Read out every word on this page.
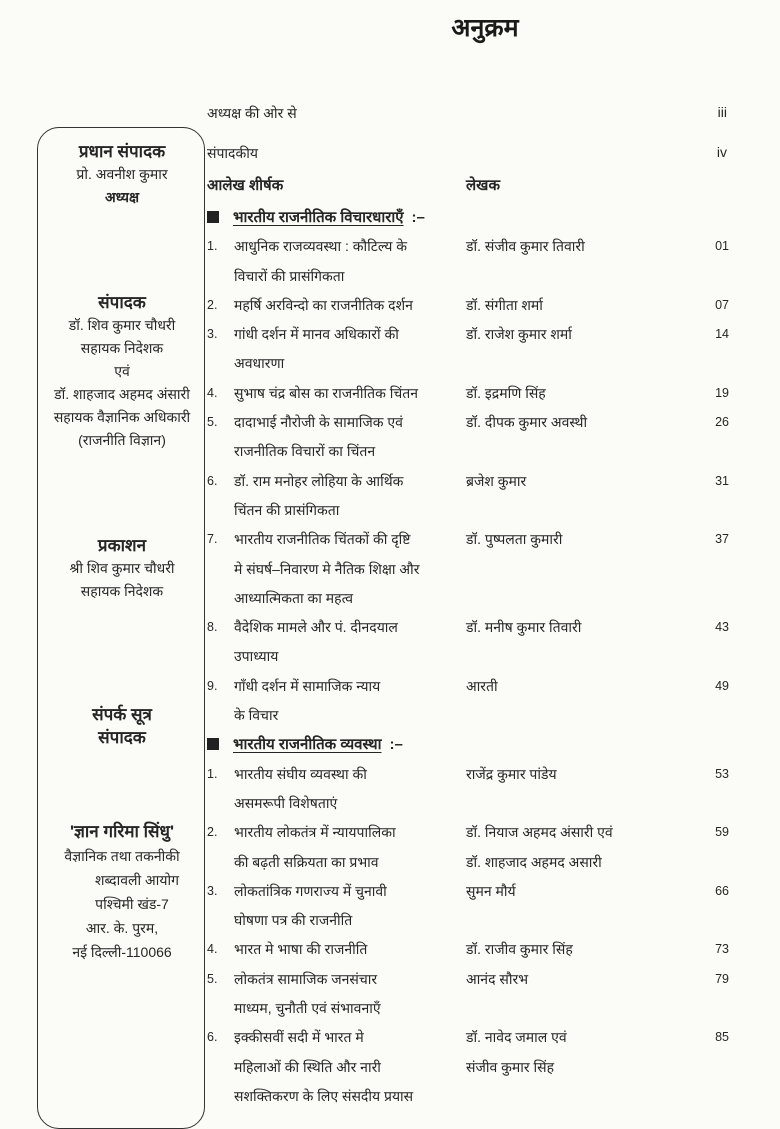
अनुक्रम
प्रधान संपादक
प्रो. अवनीश कुमार
अध्यक्ष
संपादक
डॉ. शिव कुमार चौधरी
सहायक निदेशक
एवं
डॉ. शाहजाद अहमद अंसारी
सहायक वैज्ञानिक अधिकारी
(राजनीति विज्ञान)
प्रकाशन
श्री शिव कुमार चौधरी
सहायक निदेशक
संपर्क सूत्र
संपादक
'ज्ञान गरिमा सिंधु'
वैज्ञानिक तथा तकनीकी
शब्दावली आयोग
पश्चिमी खंड-7
आर. के. पुरम,
नई दिल्ली-110066
अध्यक्ष की ओर से	iii
संपादकीय	iv
आलेख शीर्षक	लेखक
भारतीय राजनीतिक विचारधाराएँ :–
1.	आधुनिक राजव्यवस्था : कौटिल्य के
विचारों की प्रासंगिकता
डॉ. संजीव कुमार तिवारी	01
2.	महर्षि अरविन्दो का राजनीतिक दर्शन	डॉ. संगीता शर्मा	07
3.	गांधी दर्शन में मानव अधिकारों की
अवधारणा
डॉ. राजेश कुमार शर्मा	14
4.	सुभाष चंद्र बोस का राजनीतिक चिंतन	डॉ. इद्रमणि सिंह	19
5.	दादाभाई नौरोजी के सामाजिक एवं
राजनीतिक विचारों का चिंतन
डॉ. दीपक कुमार अवस्थी	26
6.	डॉ. राम मनोहर लोहिया के आर्थिक
चिंतन की प्रासंगिकता
ब्रजेश कुमार	31
7.	भारतीय राजनीतिक चिंतकों की दृष्टि
मे संघर्ष–निवारण मे नैतिक शिक्षा और
आध्यात्मिकता का महत्व
डॉ. पुष्पलता कुमारी	37
8.	वैदेशिक मामले और पं. दीनदयाल
उपाध्याय
डॉ. मनीष कुमार तिवारी	43
9.	गाँधी दर्शन में सामाजिक न्याय
के विचार
आरती	49
भारतीय राजनीतिक व्यवस्था :–
1.	भारतीय संघीय व्यवस्था की
असमरूपी विशेषताएं
राजेंद्र कुमार पांडेय	53
2.	भारतीय लोकतंत्र में न्यायपालिका
की बढ़ती सक्रियता का प्रभाव
डॉ. नियाज अहमद अंसारी एवं
डॉ. शाहजाद अहमद असारी
59
3.	लोकतांत्रिक गणराज्य में चुनावी
घोषणा पत्र की राजनीति
सुमन मौर्य	66
4.	भारत मे भाषा की राजनीति	डॉ. राजीव कुमार सिंह	73
5.	लोकतंत्र सामाजिक जनसंचार
माध्यम, चुनौती एवं संभावनाएँ
आनंद सौरभ	79
6.	इक्कीसवीं सदी में भारत मे
महिलाओं की स्थिति और नारी
सशक्तिकरण के लिए संसदीय प्रयास
डॉ. नावेद जमाल एवं
संजीव कुमार सिंह
85
